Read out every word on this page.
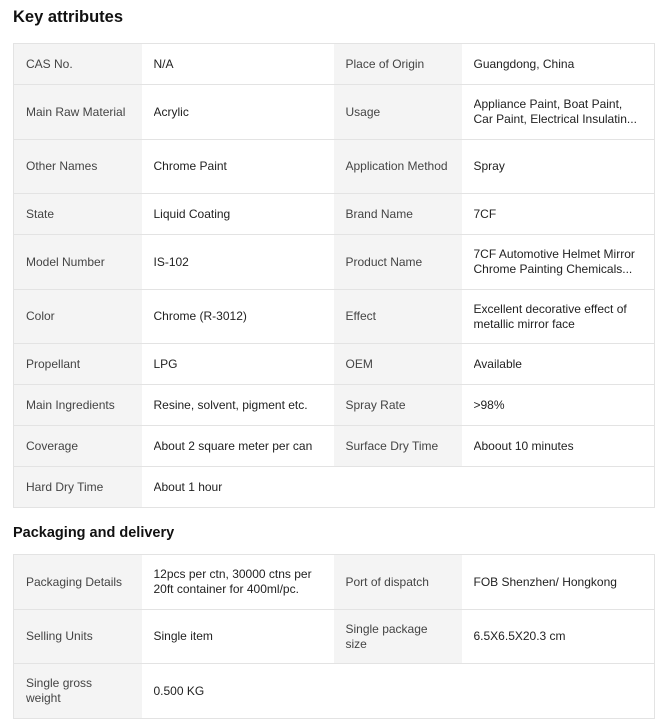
Key attributes
CAS No.	N/A	Place of Origin	Guangdong, China

Main Raw Material	Acrylic	Usage	Appliance Paint, Boat Paint, Car Paint, Electrical Insulatin...

Other Names	Chrome Paint	Application Method	Spray

State	Liquid Coating	Brand Name	7CF

Model Number	IS-102	Product Name	7CF Automotive Helmet Mirror Chrome Painting Chemicals...

Color	Chrome (R-3012)	Effect	Excellent decorative effect of metallic mirror face

Propellant	LPG	OEM	Available

Main Ingredients	Resine, solvent, pigment etc.	Spray Rate	>98%

Coverage	About 2 square meter per can	Surface Dry Time	Aboout 10 minutes

Hard Dry Time	About 1 hour		

Packaging and delivery
Packaging Details	12pcs per ctn, 30000 ctns per 20ft container for 400ml/pc.	Port of dispatch	FOB Shenzhen/ Hongkong

Selling Units	Single item	Single package size	6.5X6.5X20.3 cm

Single gross weight	0.500 KG		
